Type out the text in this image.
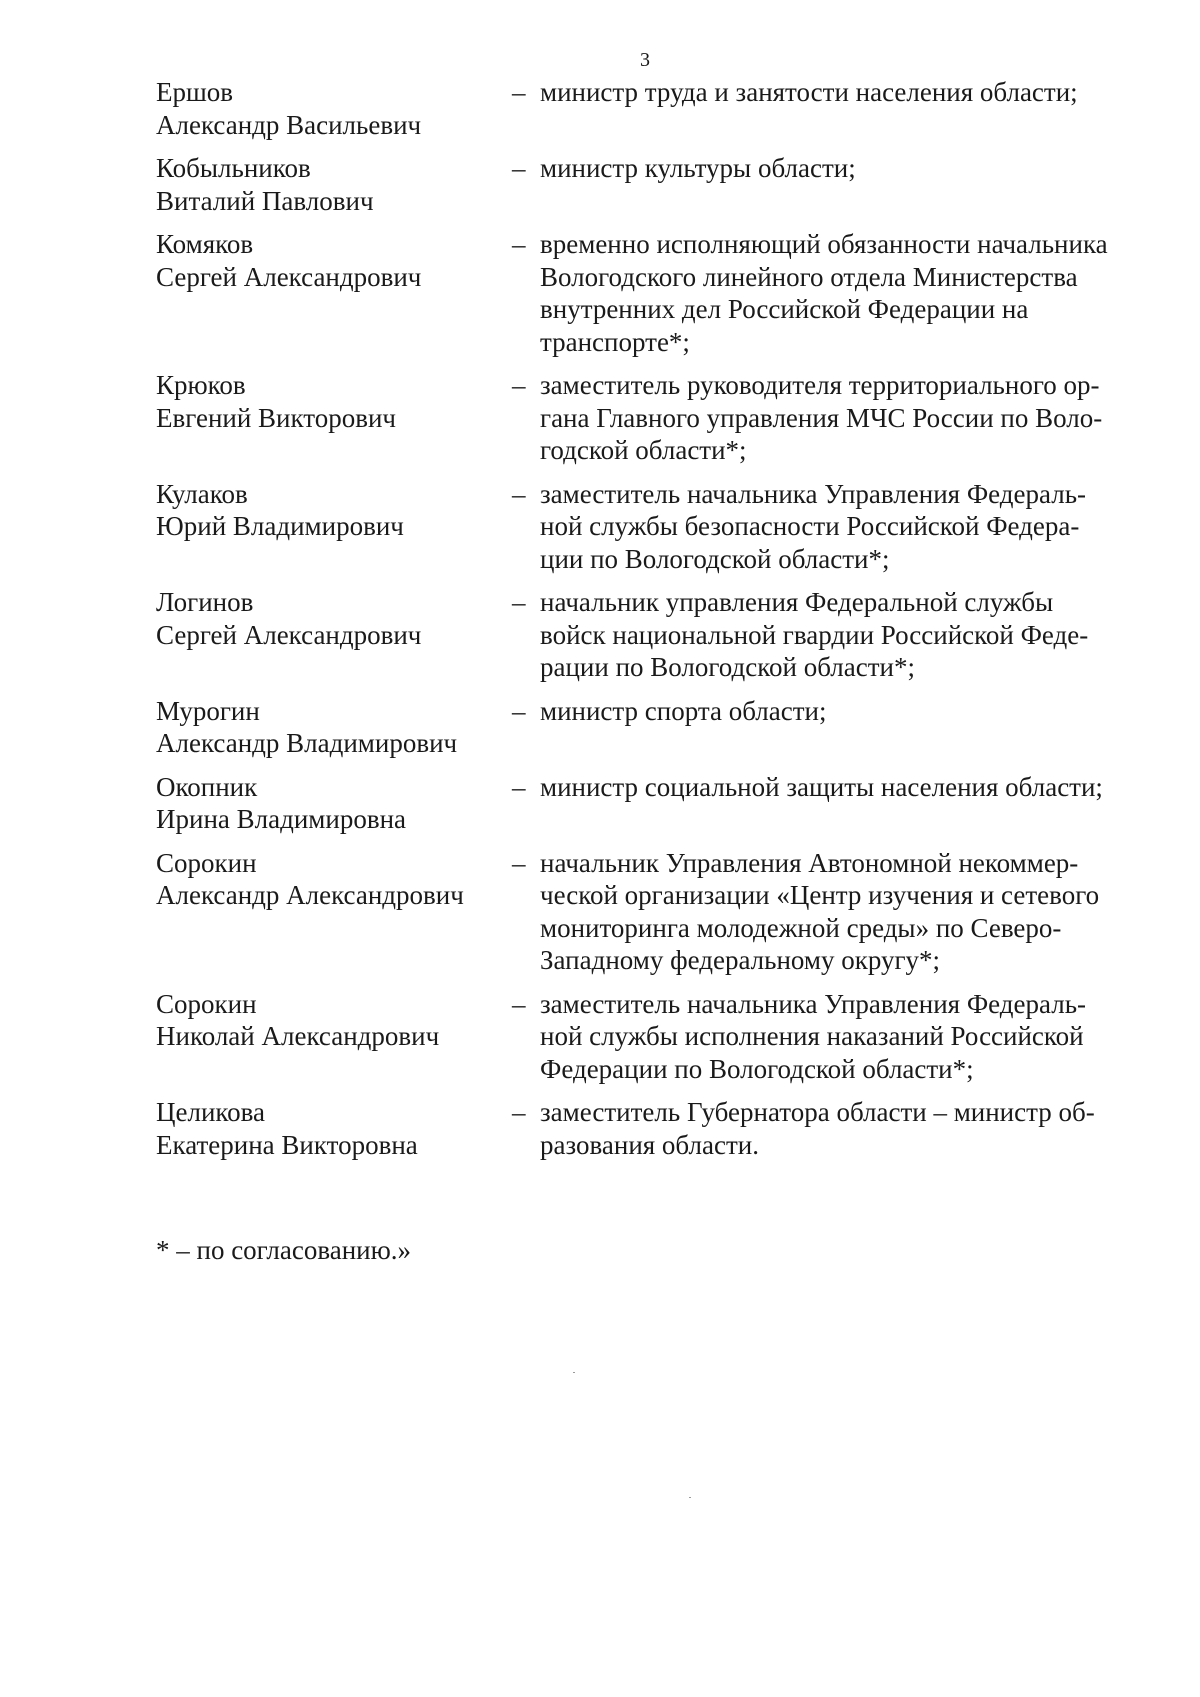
3
Ершов
Александр Васильевич
– министр труда и занятости населения области;
Кобыльников
Виталий Павлович
– министр культуры области;
Комяков
Сергей Александрович
– временно исполняющий обязанности начальника
Вологодского линейного отдела Министерства
внутренних дел Российской Федерации на
транспорте*;
Крюков
Евгений Викторович
– заместитель руководителя территориального ор-
гана Главного управления МЧС России по Воло-
годской области*;
Кулаков
Юрий Владимирович
– заместитель начальника Управления Федераль-
ной службы безопасности Российской Федера-
ции по Вологодской области*;
Логинов
Сергей Александрович
– начальник управления Федеральной службы
войск национальной гвардии Российской Феде-
рации по Вологодской области*;
Мурогин
Александр Владимирович
– министр спорта области;
Окопник
Ирина Владимировна
– министр социальной защиты населения области;
Сорокин
Александр Александрович
– начальник Управления Автономной некоммер-
ческой организации «Центр изучения и сетевого
мониторинга молодежной среды» по Северо-
Западному федеральному округу*;
Сорокин
Николай Александрович
– заместитель начальника Управления Федераль-
ной службы исполнения наказаний Российской
Федерации по Вологодской области*;
Целикова
Екатерина Викторовна
– заместитель Губернатора области – министр об-
разования области.
* – по согласованию.»
